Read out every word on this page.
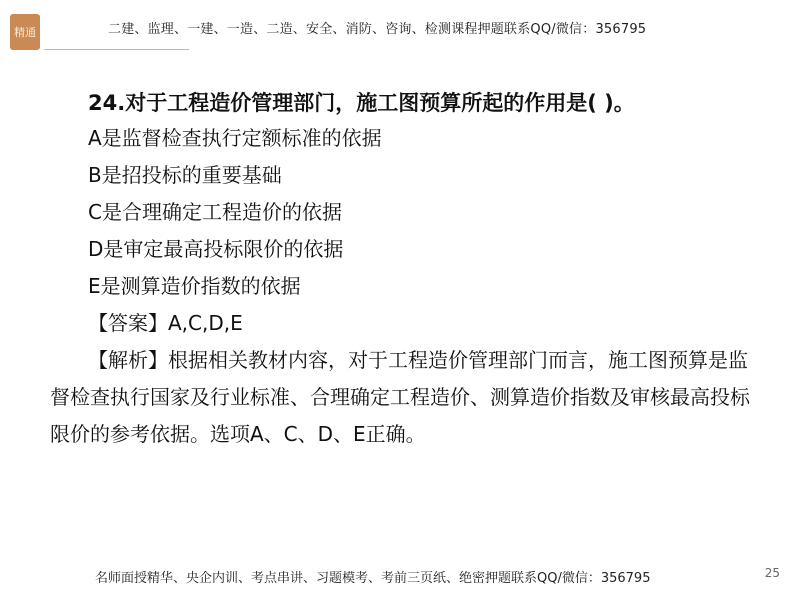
精通	二建、监理、一建、一造、二造、安全、消防、咨询、检测课程押题联系QQ/微信：356795
24.对于工程造价管理部门，施工图预算所起的作用是( )。
A是监督检查执行定额标准的依据
B是招投标的重要基础
C是合理确定工程造价的依据
D是审定最高投标限价的依据
E是测算造价指数的依据
【答案】A,C,D,E
【解析】根据相关教材内容，对于工程造价管理部门而言，施工图预算是监督检查执行国家及行业标准、合理确定工程造价、测算造价指数及审核最高投标限价的参考依据。选项A、C、D、E正确。
名师面授精华、央企内训、考点串讲、习题模考、考前三页纸、绝密押题联系QQ/微信：356795	25
